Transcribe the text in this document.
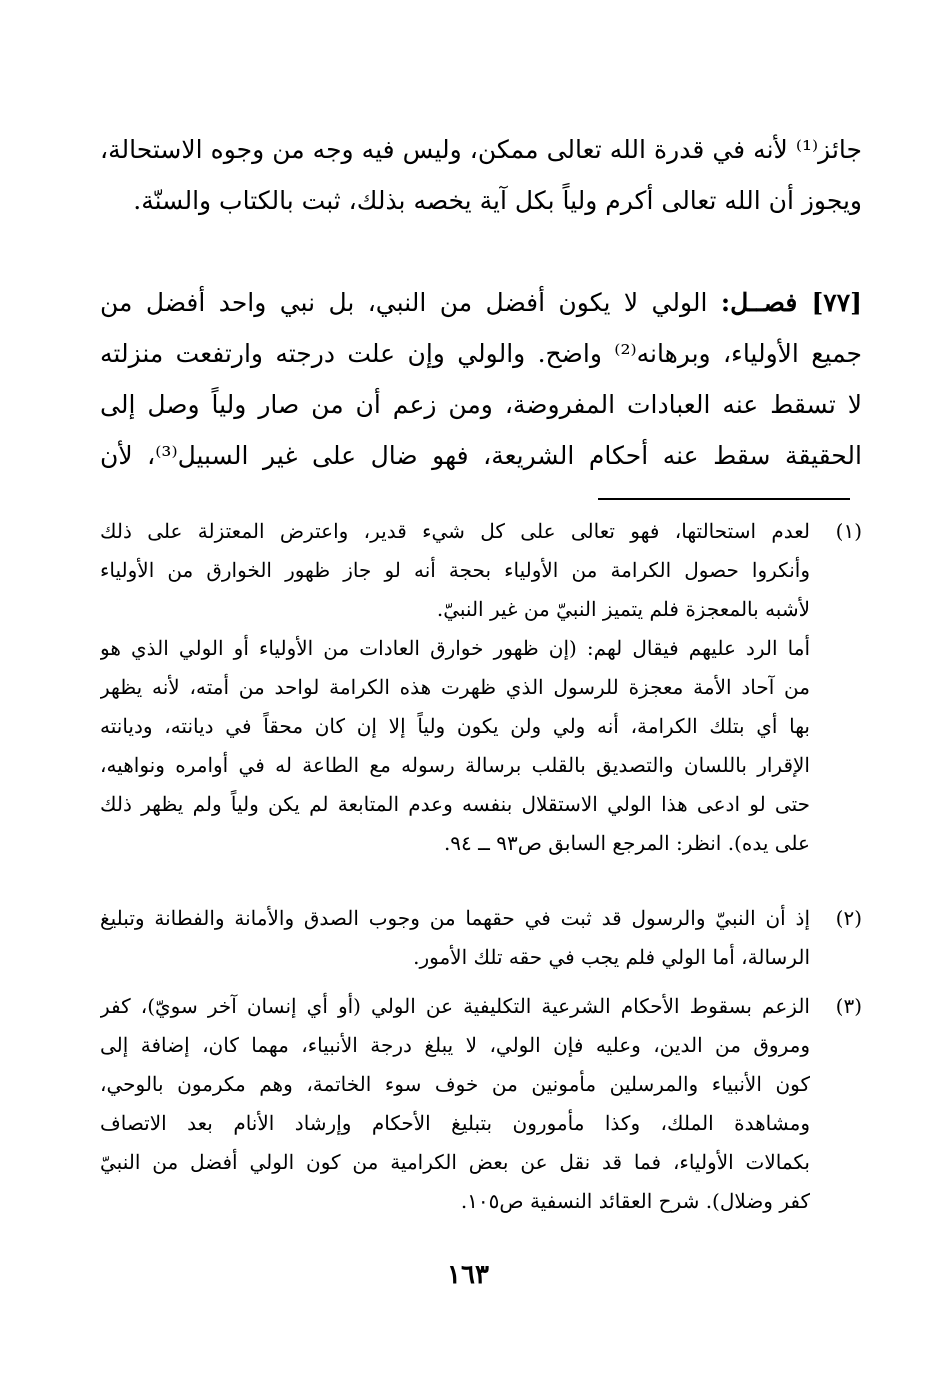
جائز⁽¹⁾ لأنه في قدرة الله تعالى ممكن، وليس فيه وجه من وجوه الاستحالة،
ويجوز أن الله تعالى أكرم ولياً بكل آية يخصه بذلك، ثبت بالكتاب والسنّة.
[٧٧] فصــل: الولي لا يكون أفضل من النبي، بل نبي واحد أفضل من
جميع الأولياء، وبرهانه⁽²⁾ واضح. والولي وإن علت درجته وارتفعت منزلته
لا تسقط عنه العبادات المفروضة، ومن زعم أن من صار ولياً وصل إلى
الحقيقة سقط عنه أحكام الشريعة، فهو ضال على غير السبيل⁽³⁾، لأن
(١)
لعدم استحالتها، فهو تعالى على كل شيء قدير، واعترض المعتزلة على ذلك
وأنكروا حصول الكرامة من الأولياء بحجة أنه لو جاز ظهور الخوارق من الأولياء
لأشبه بالمعجزة فلم يتميز النبيّ من غير النبيّ.
أما الرد عليهم فيقال لهم: (إن ظهور خوارق العادات من الأولياء أو الولي الذي هو
من آحاد الأمة معجزة للرسول الذي ظهرت هذه الكرامة لواحد من أمته، لأنه يظهر
بها أي بتلك الكرامة، أنه ولي ولن يكون ولياً إلا إن كان محقاً في ديانته، وديانته
الإقرار باللسان والتصديق بالقلب برسالة رسوله مع الطاعة له في أوامره ونواهيه،
حتى لو ادعى هذا الولي الاستقلال بنفسه وعدم المتابعة لم يكن ولياً ولم يظهر ذلك
على يده). انظر: المرجع السابق ص٩٣ ــ ٩٤.
(٢)
إذ أن النبيّ والرسول قد ثبت في حقهما من وجوب الصدق والأمانة والفطانة وتبليغ
الرسالة، أما الولي فلم يجب في حقه تلك الأمور.
(٣)
الزعم بسقوط الأحكام الشرعية التكليفية عن الولي (أو أي إنسان آخر سويّ)، كفر
ومروق من الدين، وعليه فإن الولي، لا يبلغ درجة الأنبياء، مهما كان، إضافة إلى
كون الأنبياء والمرسلين مأمونين من خوف سوء الخاتمة، وهم مكرمون بالوحي،
ومشاهدة الملك، وكذا مأمورون بتبليغ الأحكام وإرشاد الأنام بعد الاتصاف
بكمالات الأولياء، فما قد نقل عن بعض الكرامية من كون الولي أفضل من النبيّ
كفر وضلال). شرح العقائد النسفية ص١٠٥.
١٦٣
